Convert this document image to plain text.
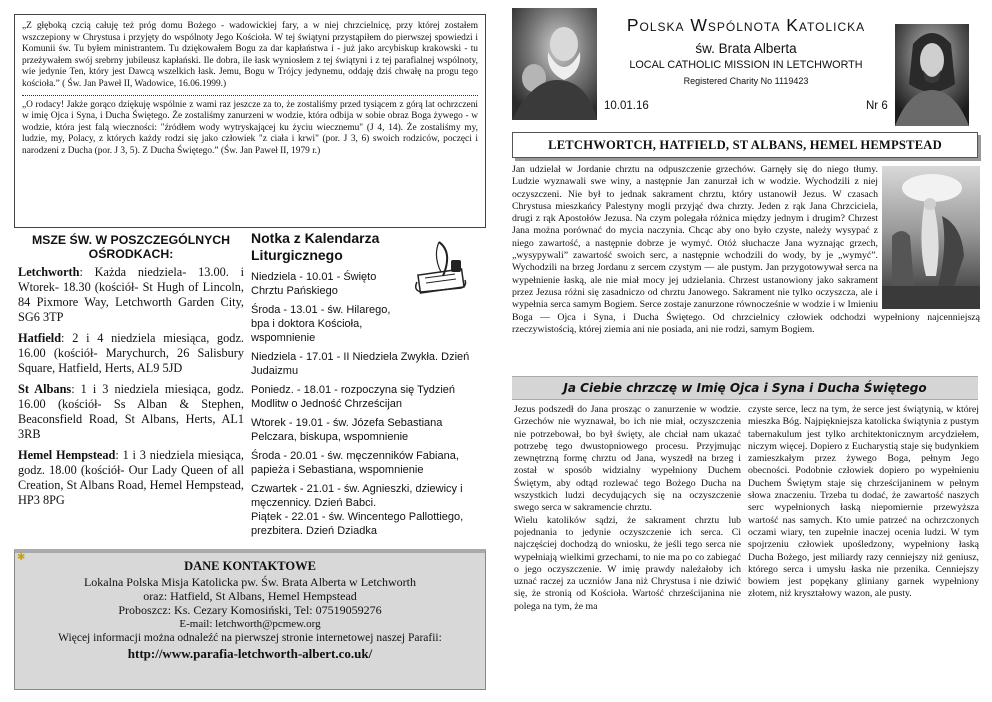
„Z głęboką czcią całuję też próg domu Bożego - wadowickiej fary, a w niej chrzcielnicę, przy której zostałem wszczepiony w Chrystusa i przyjęty do wspólnoty Jego Kościoła. W tej świątyni przystąpiłem do pierwszej spowiedzi i Komunii św. Tu byłem ministrantem. Tu dziękowałem Bogu za dar kapłaństwa i - już jako arcybiskup krakowski - tu przeżywałem swój srebrny jubileusz kapłański. Ile dobra, ile łask wyniosłem z tej świątyni i z tej parafialnej wspólnoty, wie jedynie Ten, który jest Dawcą wszelkich łask. Jemu, Bogu w Trójcy jedynemu, oddaję dziś chwałę na progu tego kościoła.” ( Św. Jan Paweł II, Wadowice, 16.06.1999.)

„O rodacy! Jakże gorąco dziękuję wspólnie z wami raz jeszcze za to, że zostaliśmy przed tysiącem z górą lat ochrzczeni w imię Ojca i Syna, i Ducha Świętego. Że zostaliśmy zanurzeni w wodzie, która odbija w sobie obraz Boga żywego - w wodzie, która jest falą wieczności: "źródłem wody wytryskającej ku życiu wiecznemu" (J 4, 14). Że zostaliśmy my, ludzie, my, Polacy, z których każdy rodzi się jako człowiek "z ciała i krwi" (por. J 3, 6) swoich rodziców, poczęci i narodzeni z Ducha (por. J 3, 5). Z Ducha Świętego.” (Św. Jan Paweł II, 1979 r.)

MSZE ŚW. W POSZCZEGÓLNYCH OŚRODKACH:
Letchworth: Każda niedziela- 13.00. i Wtorek- 18.30 (kościół- St Hugh of Lincoln, 84 Pixmore Way, Letchworth Garden City, SG6 3TP
Hatfield: 2 i 4 niedziela miesiąca, godz. 16.00 (kościół- Marychurch, 26 Salisbury Square, Hatfield, Herts, AL9 5JD
St Albans: 1 i 3 niedziela miesiąca, godz. 16.00 (kościół- Ss Alban & Stephen, Beaconsfield Road, St Albans, Herts, AL1 3RB
Hemel Hempstead: 1 i 3 niedziela miesiąca, godz. 18.00 (kościół- Our Lady Queen of all Creation, St Albans Road, Hemel Hempstead, HP3 8PG
Notka z Kalendarza Liturgicznego
Niedziela - 10.01 - Święto Chrztu Pańskiego
Środa - 13.01 - św. Hilarego, bpa i doktora Kościoła, wspomnienie
Niedziela - 17.01 - II Niedziela Zwykła. Dzień Judaizmu
Poniedz. - 18.01 - rozpoczyna się Tydzień Modlitw o Jedność Chrześcijan
Wtorek - 19.01 - św. Józefa Sebastiana Pelczara, biskupa, wspomnienie
Środa - 20.01 - św. męczenników Fabiana, papieża i Sebastiana, wspomnienie
Czwartek - 21.01 - św. Agnieszki, dziewicy i męczennicy. Dzień Babci.
Piątek - 22.01 - św. Wincentego Pallottiego, prezbitera. Dzień Dziadka
✱
DANE KONTAKTOWE
Lokalna Polska Misja Katolicka pw. Św. Brata Alberta w Letchworth
oraz: Hatfield, St Albans, Hemel Hempstead
Proboszcz: Ks. Cezary Komosiński, Tel: 07519059276
E-mail: letchworth@pcmew.org
Więcej informacji można odnaleźć na pierwszej stronie internetowej naszej Parafii:
http://www.parafia-letchworth-albert.co.uk/
Polska Wspólnota Katolicka
św. Brata Alberta
LOCAL CATHOLIC MISSION IN LETCHWORTH
Registered Charity No 1119423
10.01.16	Nr 6
LETCHWORTCH, HATFIELD, ST ALBANS, HEMEL HEMPSTEAD
Jan udzielał w Jordanie chrztu na odpuszczenie grzechów. Garnęły się do niego tłumy. Ludzie wyznawali swe winy, a następnie Jan zanurzał ich w wodzie. Wychodzili z niej oczyszczeni. Nie był to jednak sakrament chrztu, który ustanowił Jezus. W czasach Chrystusa mieszkańcy Palestyny mogli przyjąć dwa chrzty. Jeden z rąk Jana Chrzciciela, drugi z rąk Apostołów Jezusa. Na czym polegała różnica między jednym i drugim? Chrzest Jana można porównać do mycia naczynia. Chcąc aby ono było czyste, należy wysypać z niego zawartość, a następnie dobrze je wymyć. Otóż słuchacze Jana wyznając grzech, „wysypywali” zawartość swoich serc, a następnie wchodzili do wody, by je „wymyć”. Wychodzili na brzeg Jordanu z sercem czystym — ale pustym. Jan przygotowywał serca na wypełnienie łaską, ale nie miał mocy jej udzielania. Chrzest ustanowiony jako sakrament przez Jezusa różni się zasadniczo od chrztu Janowego. Sakrament nie tylko oczyszcza, ale i wypełnia serca samym Bogiem. Serce zostaje zanurzone równocześnie w wodzie i w Imieniu Boga — Ojca i Syna, i Ducha Świętego. Od chrzcielnicy człowiek odchodzi wypełniony najcenniejszą rzeczywistością, której ziemia ani nie posiada, ani nie rodzi, samym Bogiem.
Ja Ciebie chrzczę w Imię Ojca i Syna i Ducha Świętego
Jezus podszedł do Jana prosząc o zanurzenie w wodzie. Grzechów nie wyznawał, bo ich nie miał, oczyszczenia nie potrzebował, bo był święty, ale chciał nam ukazać potrzebę tego dwustopniowego procesu. Przyjmując zewnętrzną formę chrztu od Jana, wyszedł na brzeg i został w sposób widzialny wypełniony Duchem Świętym, aby odtąd rozlewać tego Bożego Ducha na wszystkich ludzi decydujących się na oczyszczenie swego serca w sakramencie chrztu.
Wielu katolików sądzi, że sakrament chrztu lub pojednania to jedynie oczyszczenie ich serca. Ci najczęściej dochodzą do wniosku, że jeśli tego serca nie wypełniają wielkimi grzechami, to nie ma po co zabiegać o jego oczyszczenie. W imię prawdy należałoby ich uznać raczej za uczniów Jana niż Chrystusa i nie dziwić się, że stronią od Kościoła. Wartość chrześcijanina nie polega na tym, że ma
czyste serce, lecz na tym, że serce jest świątynią, w której mieszka Bóg. Najpiękniejsza katolicka świątynia z pustym tabernakulum jest tylko architektonicznym arcydziełem, niczym więcej. Dopiero z Eucharystią staje się budynkiem zamieszkałym przez żywego Boga, pełnym Jego obecności. Podobnie człowiek dopiero po wypełnieniu Duchem Świętym staje się chrześcijaninem w pełnym słowa znaczeniu. Trzeba tu dodać, że zawartość naszych serc wypełnionych łaską niepomiernie przewyższa wartość nas samych. Kto umie patrzeć na ochrzczonych oczami wiary, ten zupełnie inaczej ocenia ludzi. W tym spojrzeniu człowiek upośledzony, wypełniony łaską Ducha Bożego, jest miliardy razy cenniejszy niż geniusz, którego serca i umysłu łaska nie przenika. Cenniejszy bowiem jest popękany gliniany garnek wypełniony złotem, niż kryształowy wazon, ale pusty.
